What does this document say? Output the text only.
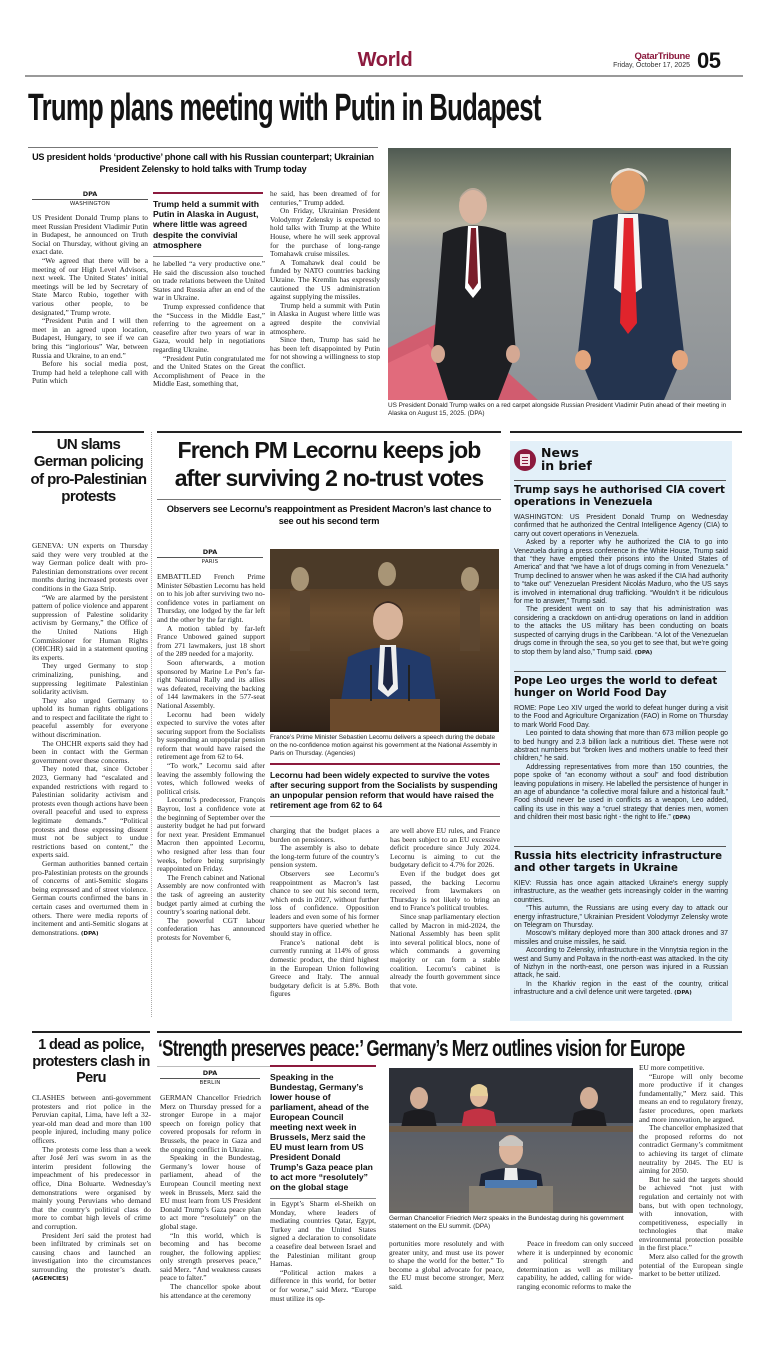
World	QatarTribune
Friday, October 17, 2025 05
Trump plans meeting with Putin in Budapest
US president holds ‘productive’ phone call with his Russian counterpart; Ukrainian President Zelensky to hold talks with Trump today
DPA
WASHINGTON

US President Donald Trump plans to meet Russian President Vladimir Putin in Budapest, he announced on Truth Social on Thursday, without giving an exact date.

“We agreed that there will be a meeting of our High Level Advisors, next week. The United States’ initial meetings will be led by Secretary of State Marco Rubio, together with various other people, to be designated,” Trump wrote.

“President Putin and I will then meet in an agreed upon location, Budapest, Hungary, to see if we can bring this “inglorious” War, between Russia and Ukraine, to an end.”

Before his social media post, Trump had held a telephone call with Putin which

Trump held a summit with Putin in Alaska in August, where little was agreed despite the convivial atmosphere

he labelled “a very productive one.” He said the discussion also touched on trade relations between the United States and Russia after an end of the war in Ukraine.

Trump expressed confidence that the “Success in the Middle East,” referring to the agreement on a ceasefire after two years of war in Gaza, would help in negotiations regarding Ukraine.

“President Putin congratulated me and the United States on the Great Accomplishment of Peace in the Middle East, something that,

he said, has been dreamed of for centuries,” Trump added.

On Friday, Ukrainian President Volodymyr Zelensky is expected to hold talks with Trump at the White House, where he will seek approval for the purchase of long-range Tomahawk cruise missiles.

A Tomahawk deal could be funded by NATO countries backing Ukraine. The Kremlin has expressly cautioned the US administration against supplying the missiles.

Trump held a summit with Putin in Alaska in August where little was agreed despite the convivial atmosphere.

Since then, Trump has said he has been left disappointed by Putin for not showing a willingness to stop the conflict.

US President Donald Trump walks on a red carpet alongside Russian President Vladimir Putin ahead of their meeting in Alaska on August 15, 2025. (DPA)
UN slams German policing of pro-Palestinian protests

GENEVA: UN experts on Thursday said they were very troubled at the way German police dealt with pro-Palestinian demonstrations over recent months during increased protests over conditions in the Gaza Strip.

“We are alarmed by the persistent pattern of police violence and apparent suppression of Palestine solidarity activism by Germany,” the Office of the United Nations High Commissioner for Human Rights (OHCHR) said in a statement quoting its experts.

They urged Germany to stop criminalizing, punishing, and suppressing legitimate Palestinian solidarity activism.

They also urged Germany to uphold its human rights obligations and to respect and facilitate the right to peaceful assembly for everyone without discrimination.

The OHCHR experts said they had been in contact with the German government over these concerns.

They noted that, since October 2023, Germany had “escalated and expanded restrictions with regard to Palestinian solidarity activism and protests even though actions have been overall peaceful and used to express legitimate demands.” “Political protests and those expressing dissent must not be subject to undue restrictions based on content,” the experts said.

German authorities banned certain pro-Palestinian protests on the grounds of concerns of anti-Semitic slogans being expressed and of street violence. German courts confirmed the bans in certain cases and overturned them in others. There were media reports of incitement and anti-Semitic slogans at demonstrations. (DPA)

French PM Lecornu keeps job after surviving 2 no-trust votes
Observers see Lecornu’s reappointment as President Macron’s last chance to see out his second term
DPA
PARIS

EMBATTLED French Prime Minister Sébastien Lecornu has held on to his job after surviving two no-confidence votes in parliament on Thursday, one lodged by the far left and the other by the far right.

A motion tabled by far-left France Unbowed gained support from 271 lawmakers, just 18 short of the 289 needed for a majority.

Soon afterwards, a motion sponsored by Marine Le Pen’s far-right National Rally and its allies was defeated, receiving the backing of 144 lawmakers in the 577-seat National Assembly.

Lecornu had been widely expected to survive the votes after securing support from the Socialists by suspending an unpopular pension reform that would have raised the retirement age from 62 to 64.

“To work,” Lecornu said after leaving the assembly following the votes, which followed weeks of political crisis.

Lecornu’s predecessor, François Bayrou, lost a confidence vote at the beginning of September over the austerity budget he had put forward for next year. President Emmanuel Macron then appointed Lecornu, who resigned after less than four weeks, before being surprisingly reappointed on Friday.

The French cabinet and National Assembly are now confronted with the task of agreeing an austerity budget partly aimed at curbing the country’s soaring national debt.

The powerful CGT labour confederation has announced protests for November 6,

France’s Prime Minister Sebastien Lecornu delivers a speech during the debate on the no-confidence motion against his government at the National Assembly in Paris on Thursday. (Agencies)
Lecornu had been widely expected to survive the votes after securing support from the Socialists by suspending an unpopular pension reform that would have raised the retirement age from 62 to 64

charging that the budget places a burden on pensioners.

The assembly is also to debate the long-term future of the country’s pension system.

Observers see Lecornu’s reappointment as Macron’s last chance to see out his second term, which ends in 2027, without further loss of confidence. Opposition leaders and even some of his former supporters have queried whether he should stay in office.

France’s national debt is currently running at 114% of gross domestic product, the third highest in the European Union following Greece and Italy. The annual budgetary deficit is at 5.8%. Both figures

are well above EU rules, and France has been subject to an EU excessive deficit procedure since July 2024. Lecornu is aiming to cut the budgetary deficit to 4.7% for 2026.

Even if the budget does get passed, the backing Lecornu received from lawmakers on Thursday is not likely to bring an end to France’s political troubles.

Since snap parliamentary election called by Macron in mid-2024, the National Assembly has been split into several political blocs, none of which commands a governing majority or can form a stable coalition. Lecornu’s cabinet is already the fourth government since that vote.

News
in brief
Trump says he authorised CIA covert operations in Venezuela

WASHINGTON: US President Donald Trump on Wednesday confirmed that he authorized the Central Intelligence Agency (CIA) to carry out covert operations in Venezuela.

Asked by a reporter why he authorized the CIA to go into Venezuela during a press conference in the White House, Trump said that “they have emptied their prisons into the United States of America” and that “we have a lot of drugs coming in from Venezuela.” Trump declined to answer when he was asked if the CIA had authority to “take out” Venezuelan President Nicolás Maduro, who the US says is involved in international drug trafficking. “Wouldn’t it be ridiculous for me to answer,” Trump said.

The president went on to say that his administration was considering a crackdown on anti-drug operations on land in addition to the attacks the US military has been conducting on boats suspected of carrying drugs in the Caribbean. “A lot of the Venezuelan drugs come in through the sea, so you get to see that, but we’re going to stop them by land also,” Trump said. (DPA)

Pope Leo urges the world to defeat hunger on World Food Day

ROME: Pope Leo XIV urged the world to defeat hunger during a visit to the Food and Agriculture Organization (FAO) in Rome on Thursday to mark World Food Day.

Leo pointed to data showing that more than 673 million people go to bed hungry and 2.3 billion lack a nutritious diet. These were not abstract numbers but “broken lives and mothers unable to feed their children,” he said.

Addressing representatives from more than 150 countries, the pope spoke of “an economy without a soul” and food distribution leaving populations in misery. He labelled the persistence of hunger in an age of abundance “a collective moral failure and a historical fault.” Food should never be used in conflicts as a weapon, Leo added, calling its use in this way a “cruel strategy that denies men, women and children their most basic right - the right to life.” (DPA)

Russia hits electricity infrastructure and other targets in Ukraine

KIEV: Russia has once again attacked Ukraine’s energy supply infrastructure, as the weather gets increasingly colder in the warring countries.

“This autumn, the Russians are using every day to attack our energy infrastructure,” Ukrainian President Volodymyr Zelensky wrote on Telegram on Thursday.

Moscow’s military deployed more than 300 attack drones and 37 missiles and cruise missiles, he said.

According to Zelensky, infrastructure in the Vinnytsia region in the west and Sumy and Poltava in the north-east was attacked. In the city of Nizhyn in the north-east, one person was injured in a Russian attack, he said.

In the Kharkiv region in the east of the country, critical infrastructure and a civil defence unit were targeted. (DPA)

1 dead as police, protesters clash in Peru

CLASHES between anti-government protesters and riot police in the Peruvian capital, Lima, have left a 32-year-old man dead and more than 100 people injured, including many police officers.

The protests come less than a week after José Jerí was sworn in as the interim president following the impeachment of his predecessor in office, Dina Boluarte. Wednesday’s demonstrations were organised by mainly young Peruvians who demand that the country’s political class do more to combat high levels of crime and corruption.

President Jerí said the protest had been infiltrated by criminals set on causing chaos and launched an investigation into the circumstances surrounding the protester’s death. (AGENCIES)

‘Strength preserves peace:’ Germany’s Merz outlines vision for Europe
DPA
BERLIN

GERMAN Chancellor Friedrich Merz on Thursday pressed for a stronger Europe in a major speech on foreign policy that covered proposals for reform in Brussels, the peace in Gaza and the ongoing conflict in Ukraine.

Speaking in the Bundestag, Germany’s lower house of parliament, ahead of the European Council meeting next week in Brussels, Merz said the EU must learn from US President Donald Trump’s Gaza peace plan to act more “resolutely” on the global stage.

“In this world, which is becoming and has become rougher, the following applies: only strength preserves peace,” said Merz. “And weakness causes peace to falter.”

The chancellor spoke about his attendance at the ceremony

Speaking in the Bundestag, Germany’s lower house of parliament, ahead of the European Council meeting next week in Brussels, Merz said the EU must learn from US President Donald Trump’s Gaza peace plan to act more “resolutely” on the global stage

in Egypt’s Sharm el-Sheikh on Monday, where leaders of mediating countries Qatar, Egypt, Turkey and the United States signed a declaration to consolidate a ceasefire deal between Israel and the Palestinian militant group Hamas.

“Political action makes a difference in this world, for better or for worse,” said Merz. “Europe must utilize its op-

German Chancellor Friedrich Merz speaks in the Bundestag during his government statement on the EU summit. (DPA)

portunities more resolutely and with greater unity, and must use its power to shape the world for the better.” To become a global advocate for peace, the EU must become stronger, Merz said.

Peace in freedom can only succeed where it is underpinned by economic and political strength and determination as well as military capability, he added, calling for wide-ranging economic reforms to make the

EU more competitive.

“Europe will only become more productive if it changes fundamentally,” Merz said. This means an end to regulatory frenzy, faster procedures, open markets and more innovation, he argued.

The chancellor emphasized that the proposed reforms do not contradict Germany’s commitment to achieving its target of climate neutrality by 2045. The EU is aiming for 2050.

But he said the targets should be achieved “not just with regulation and certainly not with bans, but with open technology, with innovation, with competitiveness, especially in technologies that make environmental protection possible in the first place.”

Merz also called for the growth potential of the European single market to be better utilized.
